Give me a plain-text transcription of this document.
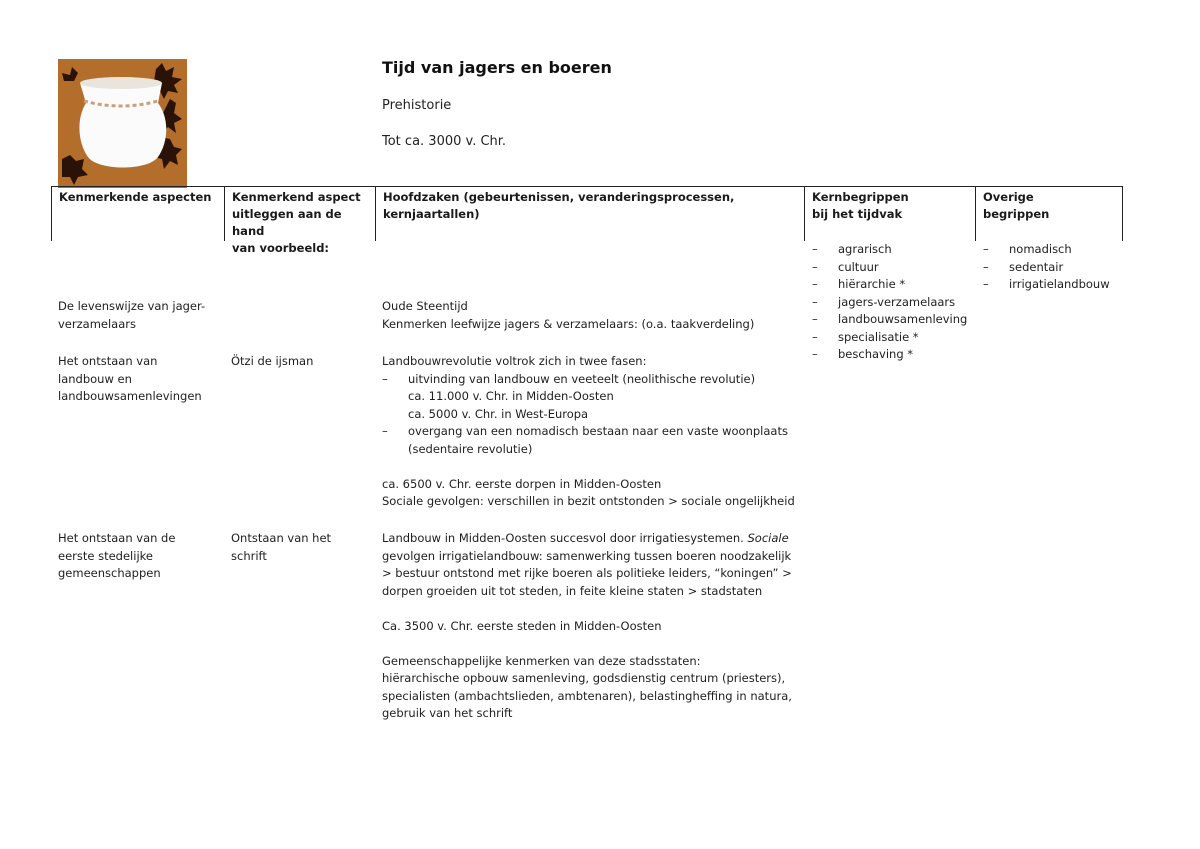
Tijd van jagers en boeren
Prehistorie
Tot ca. 3000 v. Chr.
Kenmerkende aspecten	Kenmerkend aspect
uitleggen aan de hand
van voorbeeld:
Hoofdzaken (gebeurtenissen, veranderingsprocessen, kernjaartallen)
Kernbegrippen
bij het tijdvak
Overige
begrippen
– agrarisch
– cultuur
– hiërarchie *
– jagers-verzamelaars
– landbouwsamenleving
– specialisatie *
– beschaving *
– nomadisch
– sedentair
– irrigatielandbouw

De levenswijze van jager-

verzamelaars

Oude Steentijd

Kenmerken leefwijze jagers & verzamelaars: (o.a. taakverdeling)

Het ontstaan van

landbouw en

landbouwsamenlevingen

Ötzi de ijsman	Landbouwrevolutie voltrok zich in twee fasen:

– uitvinding van landbouw en veeteelt (neolithische revolutie)

ca. 11.000 v. Chr. in Midden-Oosten

ca. 5000 v. Chr. in West-Europa

– overgang van een nomadisch bestaan naar een vaste woonplaats

(sedentaire revolutie)

ca. 6500 v. Chr. eerste dorpen in Midden-Oosten

Sociale gevolgen: verschillen in bezit ontstonden > sociale ongelijkheid

Het ontstaan van de

eerste stedelijke

gemeenschappen

Ontstaan van het

schrift

Landbouw in Midden-Oosten succesvol door irrigatiesystemen. Sociale

gevolgen irrigatielandbouw: samenwerking tussen boeren noodzakelijk

> bestuur ontstond met rijke boeren als politieke leiders, “koningen” >

dorpen groeiden uit tot steden, in feite kleine staten > stadstaten

Ca. 3500 v. Chr. eerste steden in Midden-Oosten

Gemeenschappelijke kenmerken van deze stadsstaten:

hiërarchische opbouw samenleving, godsdienstig centrum (priesters),

specialisten (ambachtslieden, ambtenaren), belastingheffing in natura,

gebruik van het schrift
